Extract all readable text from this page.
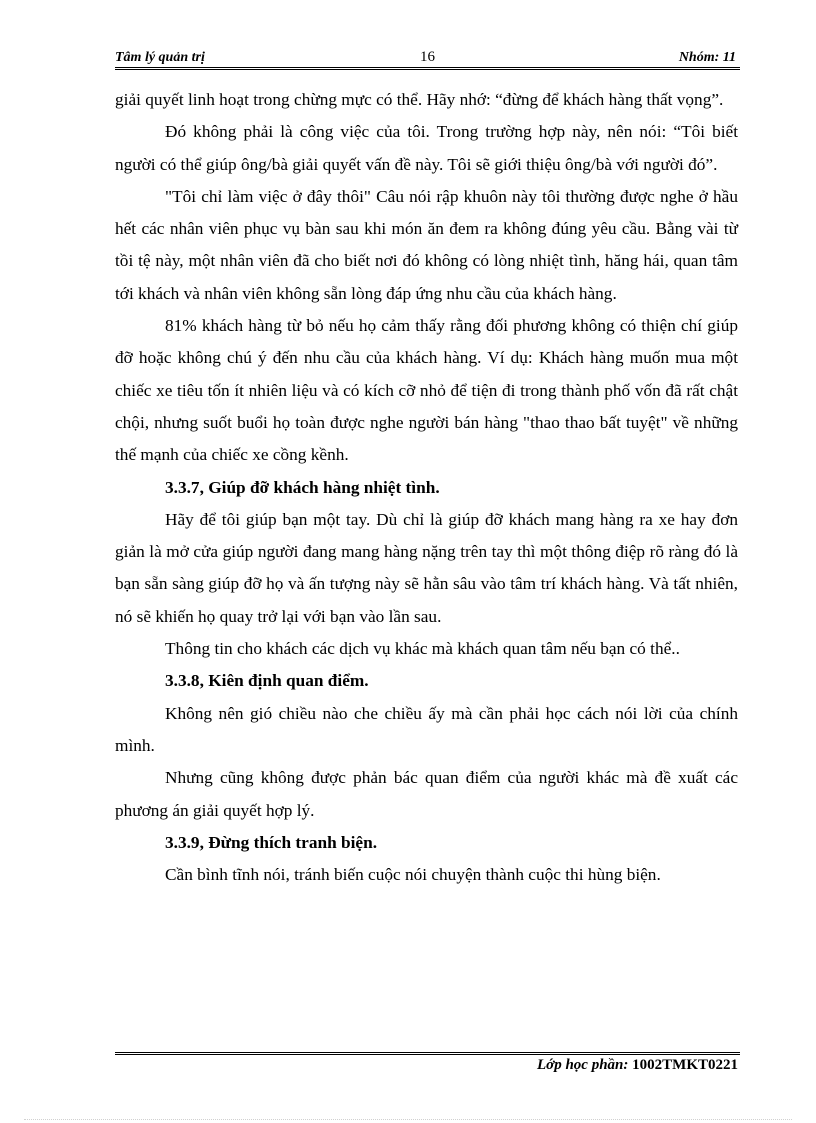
Tâm lý quản trị	16	Nhóm: 11

giải quyết linh hoạt trong chừng mực có thể. Hãy nhớ: “đừng để khách hàng thất vọng”.

Đó không phải là công việc của tôi. Trong trường hợp này, nên nói: “Tôi biết người có thể giúp ông/bà giải quyết vấn đề này. Tôi sẽ giới thiệu ông/bà với người đó”.

"Tôi chỉ làm việc ở đây thôi" Câu nói rập khuôn này tôi thường được nghe ở hầu hết các nhân viên phục vụ bàn sau khi món ăn đem ra không đúng yêu cầu. Bằng vài từ tồi tệ này, một nhân viên đã cho biết nơi đó không có lòng nhiệt tình, hăng hái, quan tâm tới khách và nhân viên không sẵn lòng đáp ứng nhu cầu của khách hàng.

81% khách hàng từ bỏ nếu họ cảm thấy rằng đối phương không có thiện chí giúp đỡ hoặc không chú ý đến nhu cầu của khách hàng. Ví dụ: Khách hàng muốn mua một chiếc xe tiêu tốn ít nhiên liệu và có kích cỡ nhỏ để tiện đi trong thành phố vốn đã rất chật chội, nhưng suốt buổi họ toàn được nghe người bán hàng "thao thao bất tuyệt" về những thế mạnh của chiếc xe cồng kềnh.

3.3.7, Giúp đỡ khách hàng nhiệt tình.

Hãy để tôi giúp bạn một tay. Dù chỉ là giúp đỡ khách mang hàng ra xe hay đơn giản là mở cửa giúp người đang mang hàng nặng trên tay thì một thông điệp rõ ràng đó là bạn sẵn sàng giúp đỡ họ và ấn tượng này sẽ hằn sâu vào tâm trí khách hàng. Và tất nhiên, nó sẽ khiến họ quay trở lại với bạn vào lần sau.

Thông tin cho khách các dịch vụ khác mà khách quan tâm nếu bạn có thể..

3.3.8, Kiên định quan điểm.

Không nên gió chiều nào che chiều ấy mà cần phải học cách nói lời của chính mình.

Nhưng cũng không được phản bác quan điểm của người khác mà đề xuất các phương án giải quyết hợp lý.

3.3.9, Đừng thích tranh biện.

Cần bình tĩnh nói, tránh biến cuộc nói chuyện thành cuộc thi hùng biện.

Lớp học phần: 1002TMKT0221
